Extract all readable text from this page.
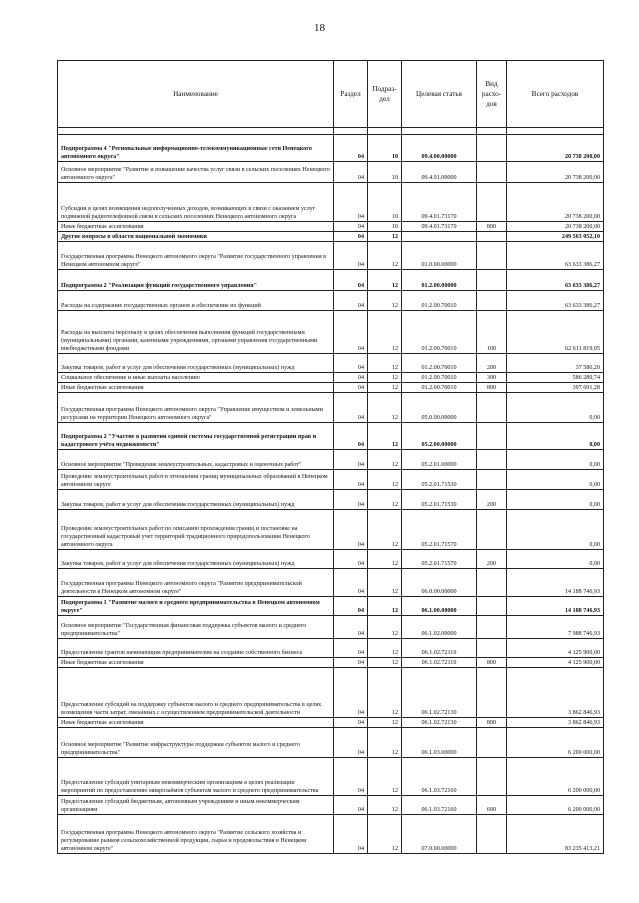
18
Наименование	Раздел	Подраз-дел	Целевая статья	Вид расхо-дов	Всего расходов

Подпрограмма 4 "Региональные информационно-телекоммуникационные сети Ненецкого автономного округа"	04	10	09.4.00.00000		20 738 200,00
Основное мероприятие "Развитие и повышение качества услуг связи в сельских поселениях Ненецкого автономного округа"	04	10	09.4.01.00000		20 738 200,00
Субсидии в целях возмещения недополученных доходов, возникающих в связи с оказанием услуг подвижной радиотелефонной связи в сельских поселениях Ненецкого автономного округа	04	10	09.4.01.73170		20 738 200,00
Иные бюджетные ассигнования	04	10	09.4.01.73170	800	20 738 200,00
Другие вопросы в области национальной экономики	04	12			249 563 052,10
Государственная программа Ненецкого автономного округа "Развитие государственного управления в Ненецком автономном округе"	04	12	01.0.00.00000		63 633 386,27
Подпрограмма 2 "Реализация функций государственного управления"	04	12	01.2.00.00000		63 633 386,27
Расходы на содержание государственных органов и обеспечение их функций	04	12	01.2.00.70010		63 633 386,27
Расходы на выплаты персоналу в целях обеспечения выполнения функций государственными (муниципальными) органами, казенными учреждениями, органами управления государственными внебюджетными фондами	04	12	01.2.00.70010	100	62 611 819,05
Закупка товаров, работ и услуг для обеспечения государственных (муниципальных) нужд	04	12	01.2.00.70010	200	37 586,20
Социальное обеспечение и иные выплаты населению	04	12	01.2.00.70010	300	586 289,74
Иные бюджетные ассигнования	04	12	01.2.00.70010	800	397 691,28
Государственная программа Ненецкого автономного округа "Управление имуществом и земельными ресурсами на территории Ненецкого автономного округа"	04	12	05.0.00.00000		0,00
Подпрограмма 2 "Участие в развитии единой системы государственной регистрации прав и кадастрового учёта недвижимости"	04	12	05.2.00.00000		0,00
Основное мероприятие "Проведение землеустроительных, кадастровых и оценочных работ"	04	12	05.2.01.00000		0,00
Проведение землеустроительных работ в отношении границ муниципальных образований в Ненецком автономном округе	04	12	05.2.01.71530		0,00
Закупка товаров, работ и услуг для обеспечения государственных (муниципальных) нужд	04	12	05.2.01.71530	200	0,00
Проведение землеустроительных работ по описанию прохождения границ и постановке на государственный кадастровый учет территорий традиционного природопользования Ненецкого автономного округа	04	12	05.2.01.71570		0,00
Закупка товаров, работ и услуг для обеспечения государственных (муниципальных) нужд	04	12	05.2.01.71570	200	0,00
Государственная программа Ненецкого автономного округа "Развитие предпринимательской деятельности в Ненецком автономном округе"	04	12	06.0.00.00000		14 188 746,93
Подпрограмма 1 "Развитие малого и среднего предпринимательства в Ненецком автономном округе"	04	12	06.1.00.00000		14 188 746,93
Основное мероприятие "Государственная финансовая поддержка субъектов малого и среднего предпринимательства"	04	12	06.1.02.00000		7 988 746,93
Предоставление грантов начинающим предпринимателям на создание собственного бизнеса	04	12	06.1.02.72110		4 125 900,00
Иные бюджетные ассигнования	04	12	06.1.02.72110	800	4 125 900,00
Предоставление субсидий на поддержку субъектов малого и среднего предпринимательства в целях возмещения части затрат, связанных с осуществлением предпринимательской деятельности	04	12	06.1.02.72130		3 862 846,93
Иные бюджетные ассигнования	04	12	06.1.02.72130	800	3 862 846,93
Основное мероприятие "Развитие инфраструктуры поддержки субъектов малого и среднего предпринимательства"	04	12	06.1.03.00000		6 200 000,00
Предоставление субсидий унитарным некоммерческим организациям в целях реализации мероприятий по предоставлению микрозаймов субъектам малого и среднего предпринимательства	04	12	06.1.03.72160		6 200 000,00
Предоставление субсидий бюджетным, автономным учреждениям и иным некоммерческим организациям	04	12	06.1.03.72160	600	6 200 000,00
Государственная программа Ненецкого автономного округа "Развитие сельского хозяйства и регулирование рынков сельскохозяйственной продукции, сырья и продовольствия в Ненецком автономном округе"	04	12	07.0.00.00000		83 235 413,21
